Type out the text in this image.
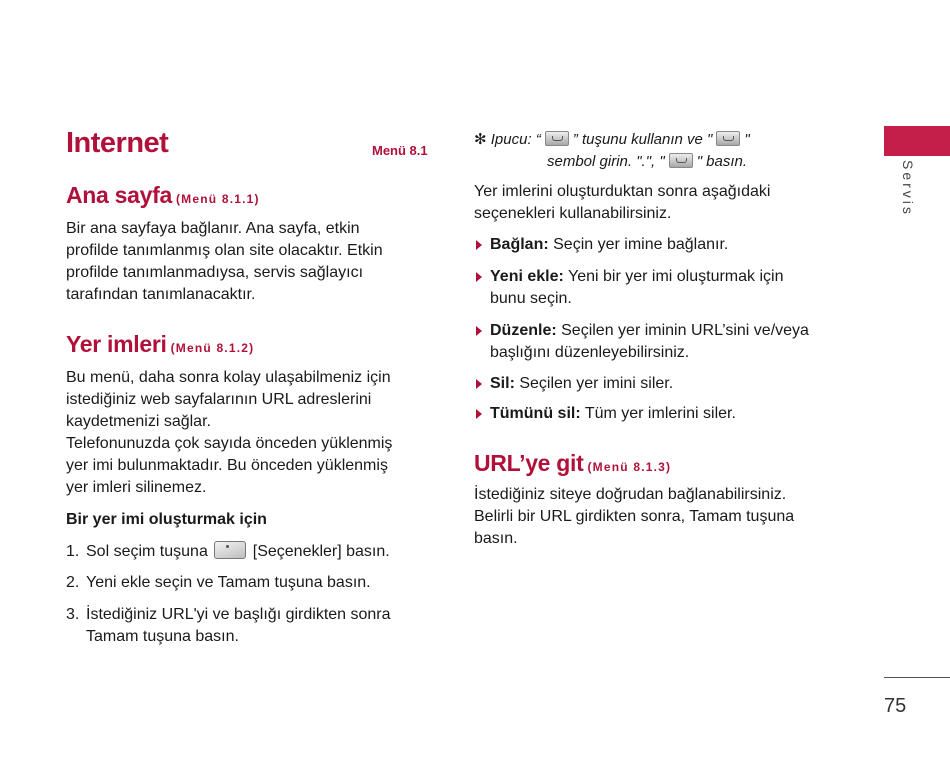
Internet	Menü 8.1
Ana sayfa (Menü 8.1.1)
Bir ana sayfaya bağlanır. Ana sayfa, etkin
profilde tanımlanmış olan site olacaktır. Etkin
profilde tanımlanmadıysa, servis sağlayıcı
tarafından tanımlanacaktır.
Yer imleri (Menü 8.1.2)
Bu menü, daha sonra kolay ulaşabilmeniz için
istediğiniz web sayfalarının URL adreslerini
kaydetmenizi sağlar.
Telefonunuzda çok sayıda önceden yüklenmiş
yer imi bulunmaktadır. Bu önceden yüklenmiş
yer imleri silinemez.
Bir yer imi oluşturmak için
1. Sol seçim tuşuna	[Seçenekler] basın.
2. Yeni ekle seçin ve Tamam tuşuna basın.
3. İstediğiniz URL'yi ve başlığı girdikten sonra
Tamam tuşuna basın.
✻ Ipucu: “ ” tuşunu kullanın ve " "
sembol girin. ".", " " basın.
Yer imlerini oluşturduktan sonra aşağıdaki
seçenekleri kullanabilirsiniz.
Bağlan: Seçin yer imine bağlanır.
Yeni ekle: Yeni bir yer imi oluşturmak için
bunu seçin.
Düzenle: Seçilen yer iminin URL’sini ve/veya
başlığını düzenleyebilirsiniz.
Sil: Seçilen yer imini siler.
Tümünü sil: Tüm yer imlerini siler.
URL’ye git (Menü 8.1.3)
İstediğiniz siteye doğrudan bağlanabilirsiniz.
Belirli bir URL girdikten sonra, Tamam tuşuna
basın.
Servis
75
